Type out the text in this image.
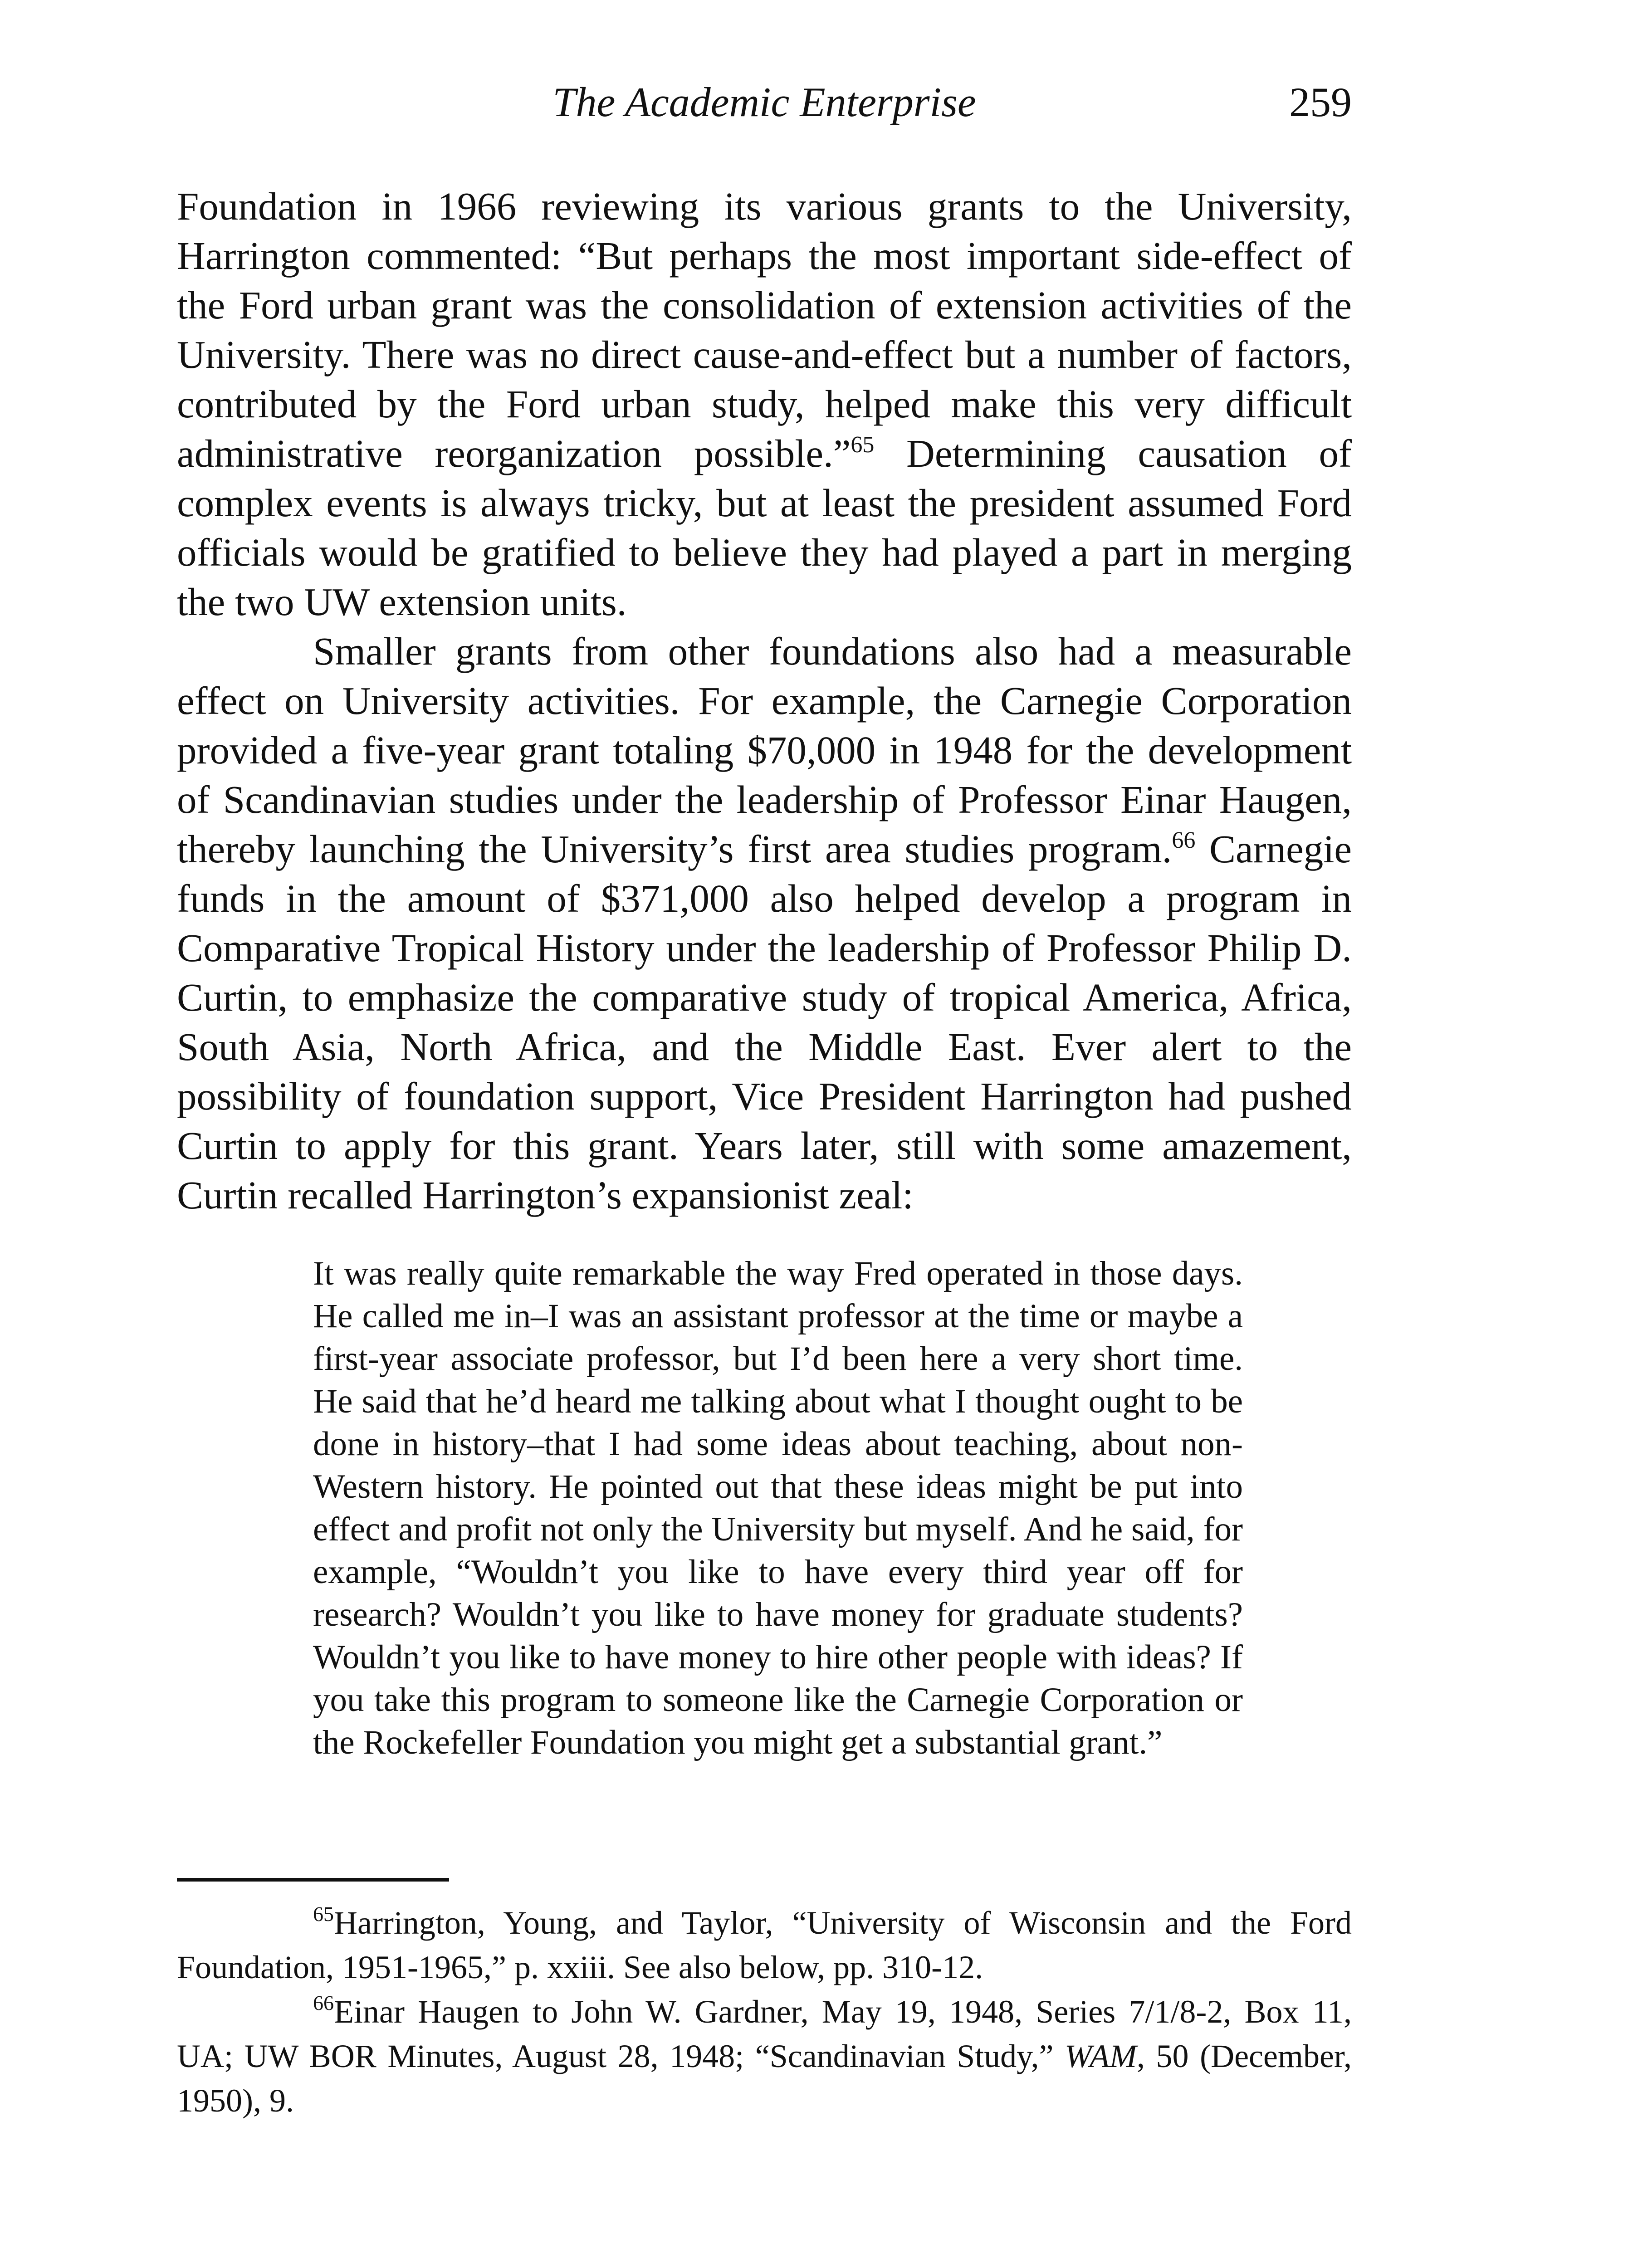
The Academic Enterprise	259

Foundation in 1966 reviewing its various grants to the University, Harrington commented: “But perhaps the most important side-effect of the Ford urban grant was the consolidation of extension activities of the University. There was no direct cause-and-effect but a number of factors, contributed by the Ford urban study, helped make this very difficult administrative reorganization possible.”$^{65}$ Determining causation of complex events is always tricky, but at least the president assumed Ford officials would be gratified to believe they had played a part in merging the two UW extension units.

Smaller grants from other foundations also had a measurable effect on University activities. For example, the Carnegie Corporation provided a five-year grant totaling $70,000 in 1948 for the development of Scandinavian studies under the leadership of Professor Einar Haugen, thereby launching the University’s first area studies program.$^{66}$ Carnegie funds in the amount of $371,000 also helped develop a program in Comparative Tropical History under the leadership of Professor Philip D. Curtin, to emphasize the comparative study of tropical America, Africa, South Asia, North Africa, and the Middle East. Ever alert to the possibility of foundation support, Vice President Harrington had pushed Curtin to apply for this grant. Years later, still with some amazement, Curtin recalled Harrington’s expansionist zeal:

It was really quite remarkable the way Fred operated in those days. He called me in–I was an assistant professor at the time or maybe a first-year associate professor, but I’d been here a very short time. He said that he’d heard me talking about what I thought ought to be done in history–that I had some ideas about teaching, about non-Western history. He pointed out that these ideas might be put into effect and profit not only the University but myself. And he said, for example, “Wouldn’t you like to have every third year off for research? Wouldn’t you like to have money for graduate students? Wouldn’t you like to have money to hire other people with ideas? If you take this program to someone like the Carnegie Corporation or the Rockefeller Foundation you might get a substantial grant.”

$^{65}$Harrington, Young, and Taylor, “University of Wisconsin and the Ford Foundation, 1951-1965,” p. xxiii. See also below, pp. 310-12.

$^{66}$Einar Haugen to John W. Gardner, May 19, 1948, Series 7/1/8-2, Box 11, UA; UW BOR Minutes, August 28, 1948; “Scandinavian Study,” WAM, 50 (December, 1950), 9.
